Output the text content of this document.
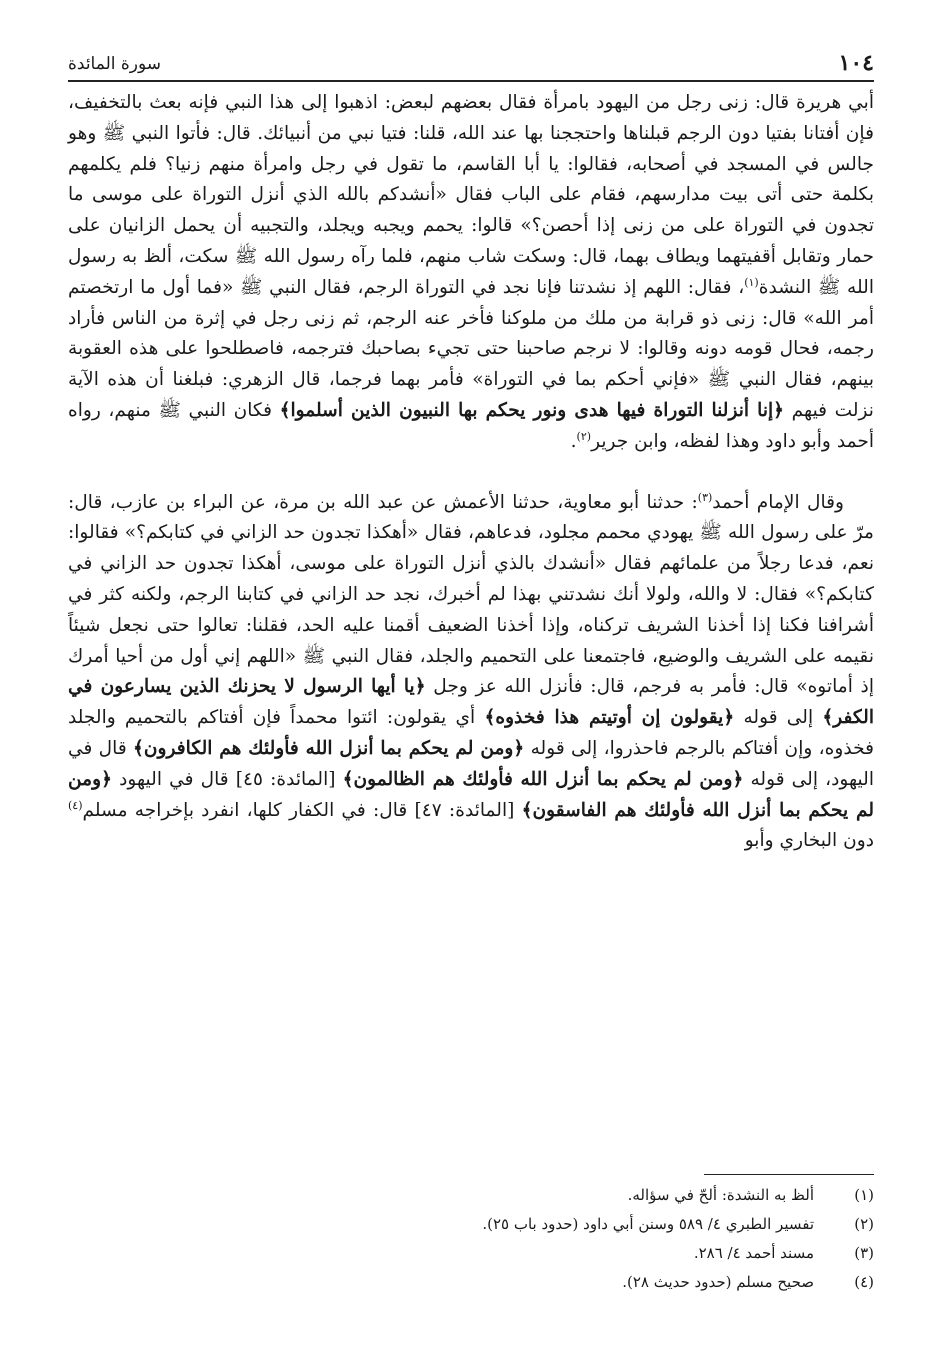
١٠٤
سورة المائدة

أبي هريرة قال: زنى رجل من اليهود بامرأة فقال بعضهم لبعض: اذهبوا إلى هذا النبي فإنه بعث بالتخفيف، فإن أفتانا بفتيا دون الرجم قبلناها واحتججنا بها عند الله، قلنا: فتيا نبي من أنبيائك. قال: فأتوا النبي ﷺ وهو جالس في المسجد في أصحابه، فقالوا: يا أبا القاسم، ما تقول في رجل وامرأة منهم زنيا؟ فلم يكلمهم بكلمة حتى أتى بيت مدارسهم، فقام على الباب فقال «أنشدكم بالله الذي أنزل التوراة على موسى ما تجدون في التوراة على من زنى إذا أحصن؟» قالوا: يحمم ويجبه ويجلد، والتجبيه أن يحمل الزانيان على حمار وتقابل أقفيتهما ويطاف بهما، قال: وسكت شاب منهم، فلما رآه رسول الله ﷺ سكت، ألظ به رسول الله ﷺ النشدة$^{(١)}$، فقال: اللهم إذ نشدتنا فإنا نجد في التوراة الرجم، فقال النبي ﷺ «فما أول ما ارتخصتم أمر الله» قال: زنى ذو قرابة من ملك من ملوكنا فأخر عنه الرجم، ثم زنى رجل في إثرة من الناس فأراد رجمه، فحال قومه دونه وقالوا: لا نرجم صاحبنا حتى تجيء بصاحبك فترجمه، فاصطلحوا على هذه العقوبة بينهم، فقال النبي ﷺ «فإني أحكم بما في التوراة» فأمر بهما فرجما، قال الزهري: فبلغنا أن هذه الآية نزلت فيهم ﴿إنا أنزلنا التوراة فيها هدى ونور يحكم بها النبيون الذين أسلموا﴾ فكان النبي ﷺ منهم، رواه أحمد وأبو داود وهذا لفظه، وابن جرير$^{(٢)}$.

وقال الإمام أحمد$^{(٣)}$: حدثنا أبو معاوية، حدثنا الأعمش عن عبد الله بن مرة، عن البراء بن عازب، قال: مرّ على رسول الله ﷺ يهودي محمم مجلود، فدعاهم، فقال «أهكذا تجدون حد الزاني في كتابكم؟» فقالوا: نعم، فدعا رجلاً من علمائهم فقال «أنشدك بالذي أنزل التوراة على موسى، أهكذا تجدون حد الزاني في كتابكم؟» فقال: لا والله، ولولا أنك نشدتني بهذا لم أخبرك، نجد حد الزاني في كتابنا الرجم، ولكنه كثر في أشرافنا فكنا إذا أخذنا الشريف تركناه، وإذا أخذنا الضعيف أقمنا عليه الحد، فقلنا: تعالوا حتى نجعل شيئاً نقيمه على الشريف والوضيع، فاجتمعنا على التحميم والجلد، فقال النبي ﷺ «اللهم إني أول من أحيا أمرك إذ أماتوه» قال: فأمر به فرجم، قال: فأنزل الله عز وجل ﴿يا أيها الرسول لا يحزنك الذين يسارعون في الكفر﴾ إلى قوله ﴿يقولون إن أوتيتم هذا فخذوه﴾ أي يقولون: ائتوا محمداً فإن أفتاكم بالتحميم والجلد فخذوه، وإن أفتاكم بالرجم فاحذروا، إلى قوله ﴿ومن لم يحكم بما أنزل الله فأولئك هم الكافرون﴾ قال في اليهود، إلى قوله ﴿ومن لم يحكم بما أنزل الله فأولئك هم الظالمون﴾ [المائدة: ٤٥] قال في اليهود ﴿ومن لم يحكم بما أنزل الله فأولئك هم الفاسقون﴾ [المائدة: ٤٧] قال: في الكفار كلها، انفرد بإخراجه مسلم$^{(٤)}$ دون البخاري وأبو

(١)
ألظ به النشدة: ألحّ في سؤاله.
(٢)
تفسير الطبري ٤/ ٥٨٩ وسنن أبي داود (حدود باب ٢٥).
(٣)
مسند أحمد ٤/ ٢٨٦.
(٤)
صحيح مسلم (حدود حديث ٢٨).
